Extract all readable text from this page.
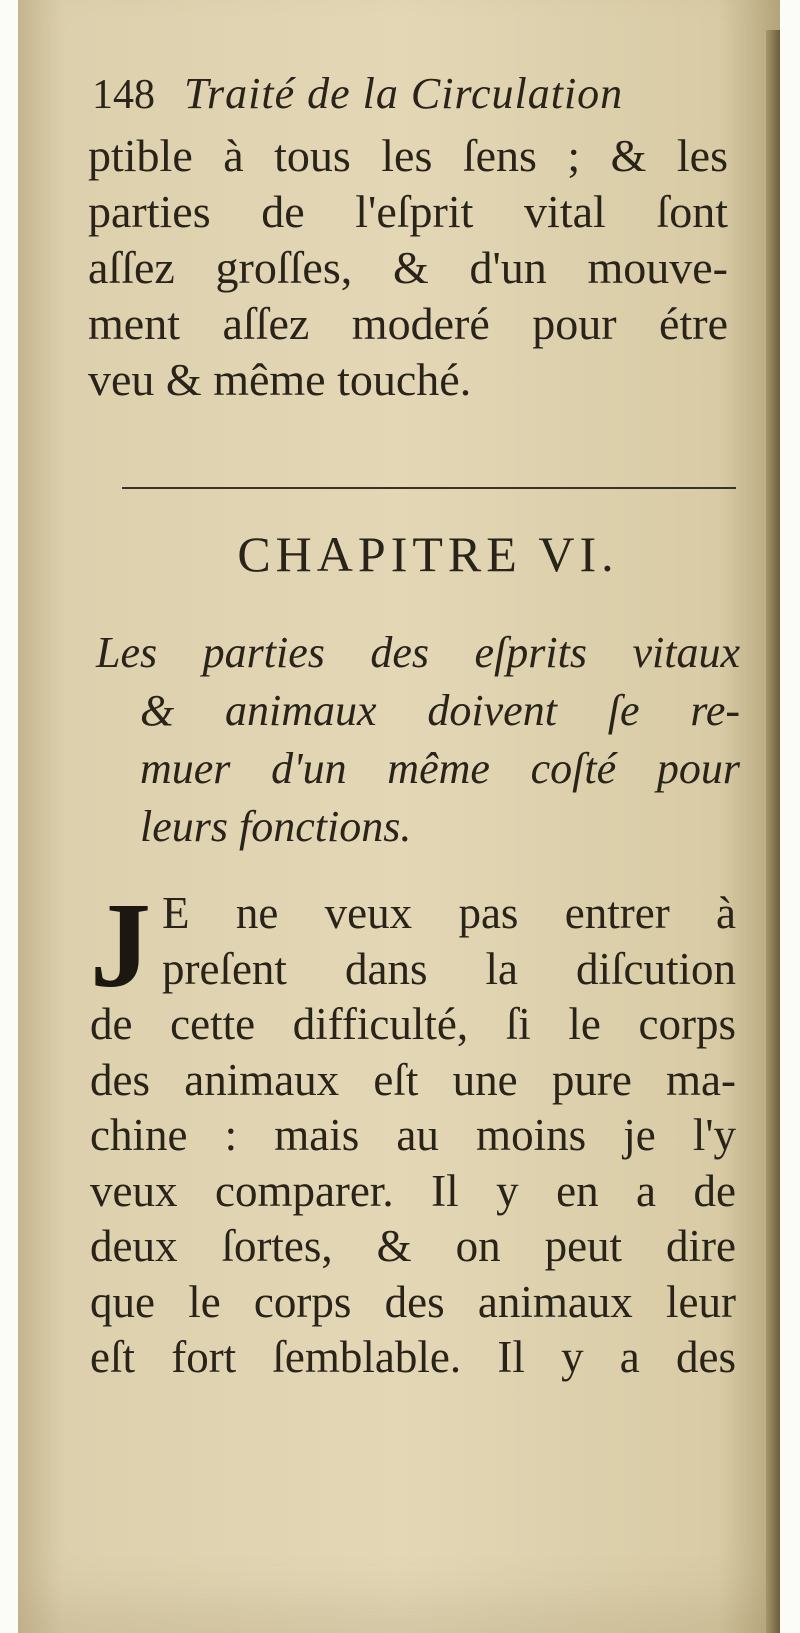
148 Traité de la Circulation

ptible à tous les ſens ; & les
parties de l'eſprit vital ſont
aſſez groſſes, & d'un mouve-
ment aſſez moderé pour étre
veu & même touché.

CHAPITRE VI.
Les parties des eſprits vitaux
& animaux doivent ſe re-
muer d'un même coſté pour
leurs fonctions.
J E ne veux pas entrer à
preſent dans la diſcution
de cette difficulté, ſi le corps
des animaux eſt une pure ma-
chine : mais au moins je l'y
veux comparer. Il y en a de
deux ſortes, & on peut dire
que le corps des animaux leur
eſt fort ſemblable. Il y a des
